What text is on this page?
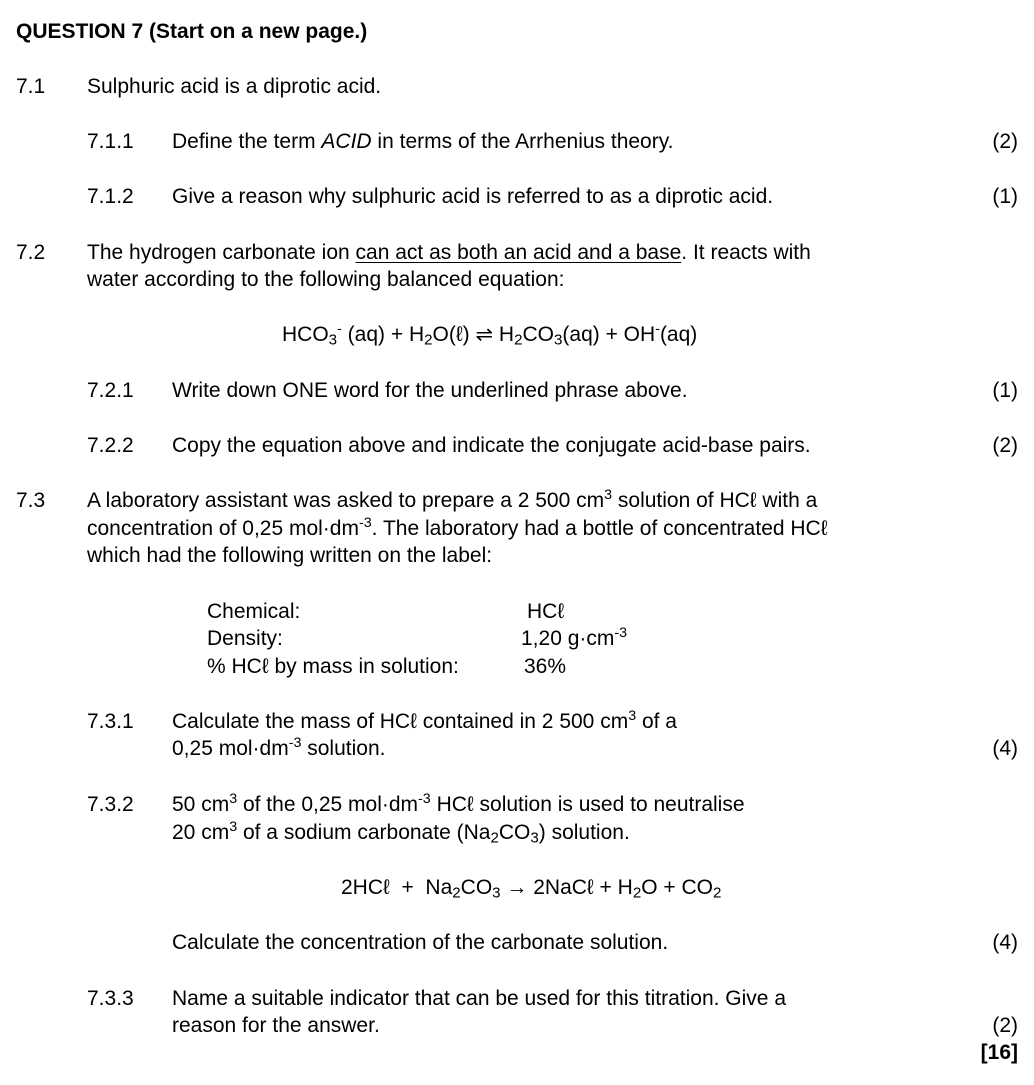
QUESTION 7 (Start on a new page.)
7.1 Sulphuric acid is a diprotic acid.
7.1.1 Define the term ACID in terms of the Arrhenius theory.	(2)
7.1.2 Give a reason why sulphuric acid is referred to as a diprotic acid.	(1)
7.2 The hydrogen carbonate ion can act as both an acid and a base. It reacts with
water according to the following balanced equation:
$HCO_3^-$ $(aq) + H_2O(\ell)$ ⇌ $H_2CO_3(aq) + OH^-(aq)$
7.2.1 Write down ONE word for the underlined phrase above.	(1)
7.2.2 Copy the equation above and indicate the conjugate acid-base pairs.	(2)
7.3 A laboratory assistant was asked to prepare a 2 500 $cm^3$ solution of HCℓ with a
concentration of 0,25 $mol\cdot dm^{-3}$. The laboratory had a bottle of concentrated HCℓ
which had the following written on the label:
Chemical:	HCℓ
Density:	1,20 $g\cdot cm^{-3}$
% HCℓ by mass in solution:	36%
7.3.1 Calculate the mass of HCℓ contained in 2 500 $cm^3$ of a
0,25 $mol\cdot dm^{-3}$ solution.	(4)
7.3.2 50 $cm^3$ of the 0,25 $mol\cdot dm^{-3}$ HCℓ solution is used to neutralise
20 $cm^3$ of a sodium carbonate $(Na_2CO_3)$ solution.
2HCℓ  +  $Na_2CO_3$ → 2NaCℓ + $H_2O + CO_2$
Calculate the concentration of the carbonate solution.	(4)
7.3.3 Name a suitable indicator that can be used for this titration. Give a
reason for the answer.	(2)
[16]
